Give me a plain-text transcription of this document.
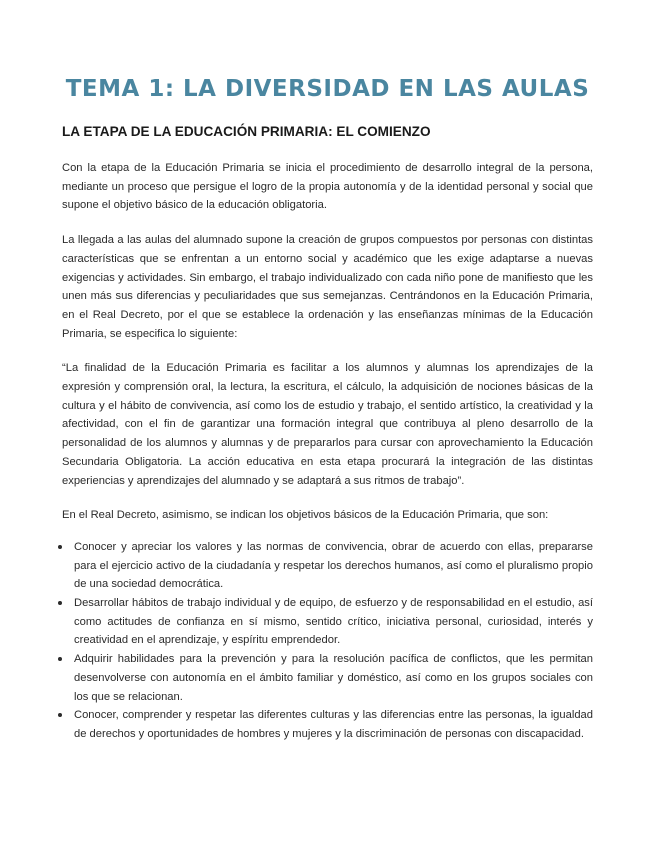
TEMA 1: LA DIVERSIDAD EN LAS AULAS
LA ETAPA DE LA EDUCACIÓN PRIMARIA: EL COMIENZO

Con la etapa de la Educación Primaria se inicia el procedimiento de desarrollo integral de la persona, mediante un proceso que persigue el logro de la propia autonomía y de la identidad personal y social que supone el objetivo básico de la educación obligatoria.

La llegada a las aulas del alumnado supone la creación de grupos compuestos por personas con distintas características que se enfrentan a un entorno social y académico que les exige adaptarse a nuevas exigencias y actividades. Sin embargo, el trabajo individualizado con cada niño pone de manifiesto que les unen más sus diferencias y peculiaridades que sus semejanzas. Centrándonos en la Educación Primaria, en el Real Decreto, por el que se establece la ordenación y las enseñanzas mínimas de la Educación Primaria, se especifica lo siguiente:

“La finalidad de la Educación Primaria es facilitar a los alumnos y alumnas los aprendizajes de la expresión y comprensión oral, la lectura, la escritura, el cálculo, la adquisición de nociones básicas de la cultura y el hábito de convivencia, así como los de estudio y trabajo, el sentido artístico, la creatividad y la afectividad, con el fin de garantizar una formación integral que contribuya al pleno desarrollo de la personalidad de los alumnos y alumnas y de prepararlos para cursar con aprovechamiento la Educación Secundaria Obligatoria. La acción educativa en esta etapa procurará la integración de las distintas experiencias y aprendizajes del alumnado y se adaptará a sus ritmos de trabajo”.

En el Real Decreto, asimismo, se indican los objetivos básicos de la Educación Primaria, que son:

Conocer y apreciar los valores y las normas de convivencia, obrar de acuerdo con ellas, prepararse para el ejercicio activo de la ciudadanía y respetar los derechos humanos, así como el pluralismo propio de una sociedad democrática.
Desarrollar hábitos de trabajo individual y de equipo, de esfuerzo y de responsabilidad en el estudio, así como actitudes de confianza en sí mismo, sentido crítico, iniciativa personal, curiosidad, interés y creatividad en el aprendizaje, y espíritu emprendedor.
Adquirir habilidades para la prevención y para la resolución pacífica de conflictos, que les permitan desenvolverse con autonomía en el ámbito familiar y doméstico, así como en los grupos sociales con los que se relacionan.
Conocer, comprender y respetar las diferentes culturas y las diferencias entre las personas, la igualdad de derechos y oportunidades de hombres y mujeres y la discriminación de personas con discapacidad.
